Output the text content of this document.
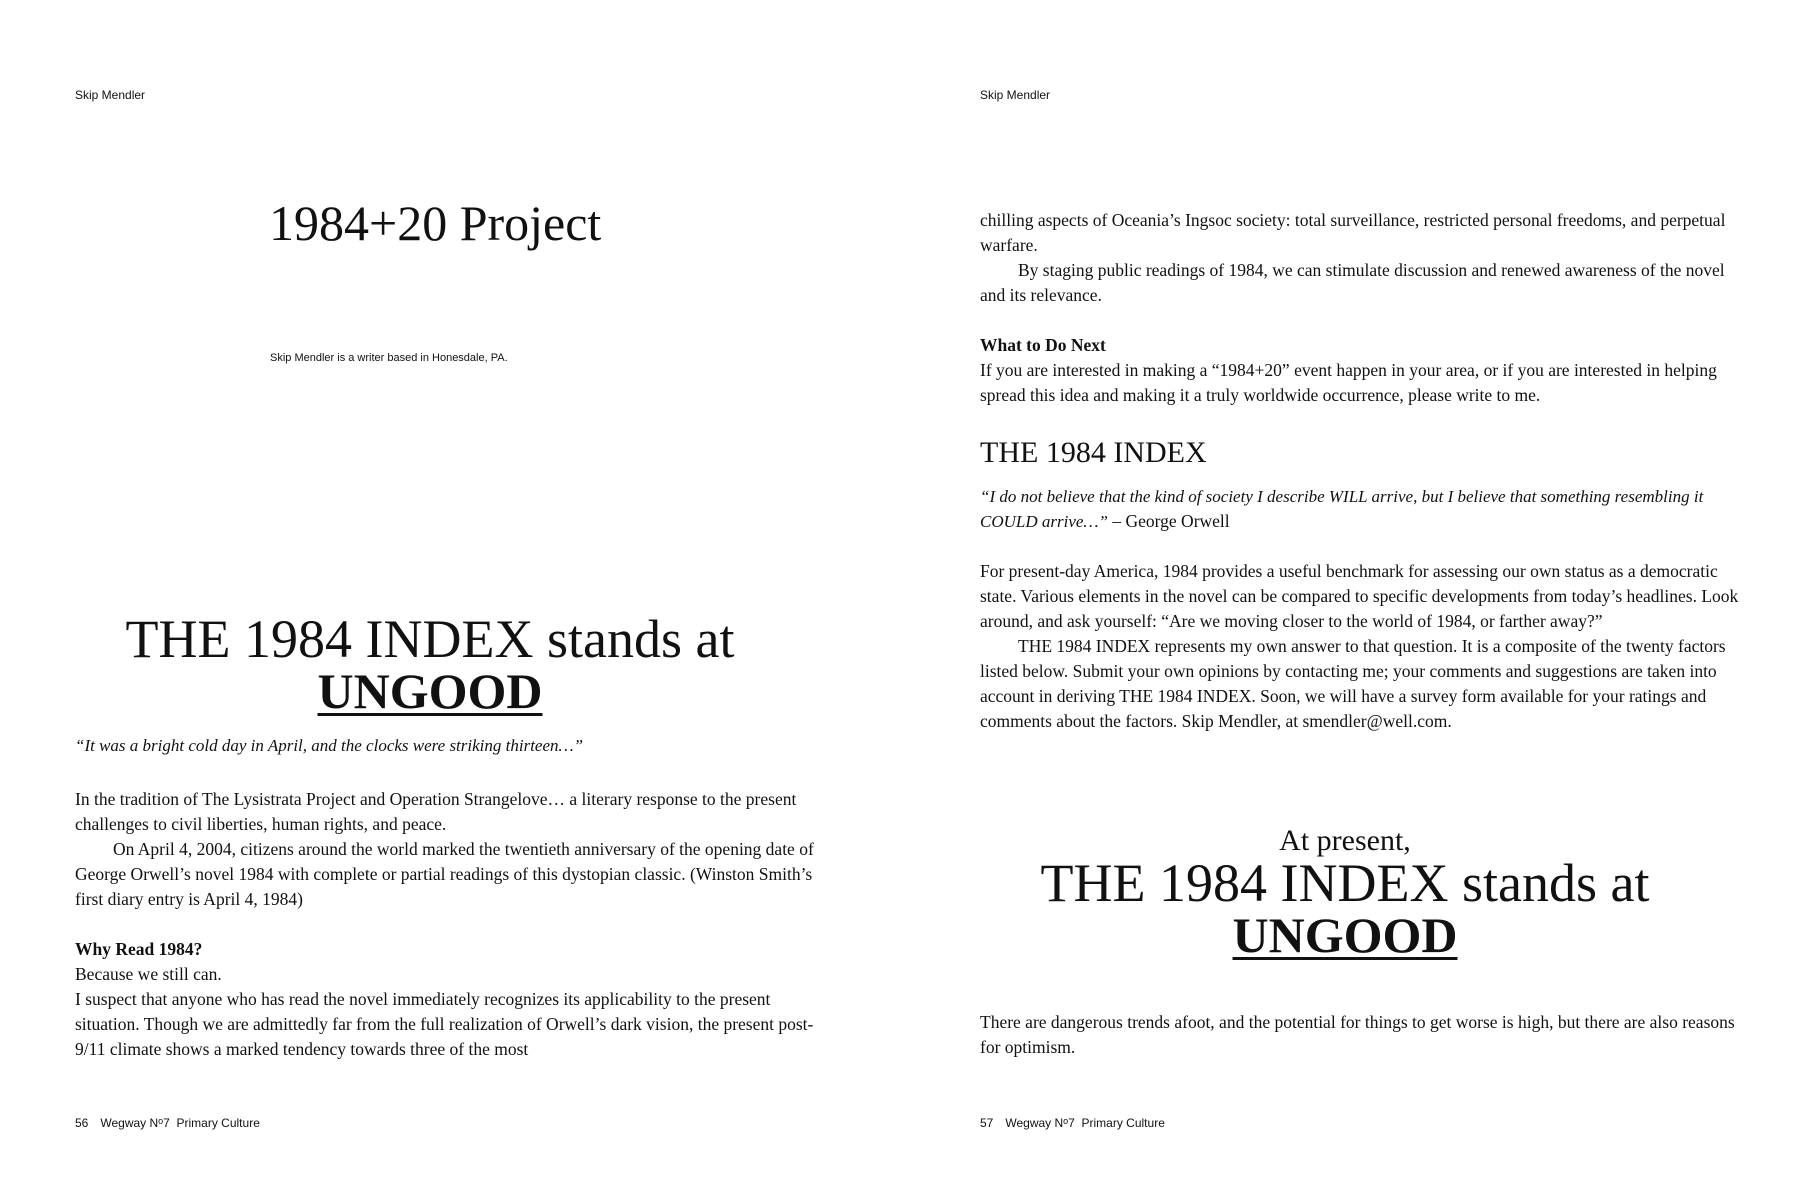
Skip Mendler
1984+20 Project
Skip Mendler is a writer based in Honesdale, PA.
THE 1984 INDEX stands at
UNGOOD
“It was a bright cold day in April, and the clocks were striking thirteen…”

In the tradition of The Lysistrata Project and Operation Strangelove… a literary response to the present challenges to civil liberties, human rights, and peace.

On April 4, 2004, citizens around the world marked the twentieth anniversary of the opening date of George Orwell’s novel 1984 with complete or partial readings of this dystopian classic. (Winston Smith’s first diary entry is April 4, 1984)

Why Read 1984?

Because we still can.

I suspect that anyone who has read the novel immediately recognizes its applicability to the present situation. Though we are admittedly far from the full realization of Orwell’s dark vision, the present post-9/11 climate shows a marked tendency towards three of the most

56 Wegway $N^o7$  Primary Culture
Skip Mendler

chilling aspects of Oceania’s Ingsoc society: total surveillance, restricted personal freedoms, and perpetual warfare.

By staging public readings of 1984, we can stimulate discussion and renewed awareness of the novel and its relevance.

What to Do Next

If you are interested in making a “1984+20” event happen in your area, or if you are interested in helping spread this idea and making it a truly worldwide occurrence, please write to me.

THE 1984 INDEX

“I do not believe that the kind of society I describe WILL arrive, but I believe that something resembling it COULD arrive…” – George Orwell

For present-day America, 1984 provides a useful benchmark for assessing our own status as a democratic state. Various elements in the novel can be compared to specific developments from today’s headlines. Look around, and ask yourself: “Are we moving closer to the world of 1984, or farther away?”

THE 1984 INDEX represents my own answer to that question. It is a composite of the twenty factors listed below. Submit your own opinions by contacting me; your comments and suggestions are taken into account in deriving THE 1984 INDEX. Soon, we will have a survey form available for your ratings and comments about the factors. Skip Mendler, at smendler@well.com.

At present,
THE 1984 INDEX stands at
UNGOOD

There are dangerous trends afoot, and the potential for things to get worse is high, but there are also reasons for optimism.

57 Wegway $N^o7$  Primary Culture
